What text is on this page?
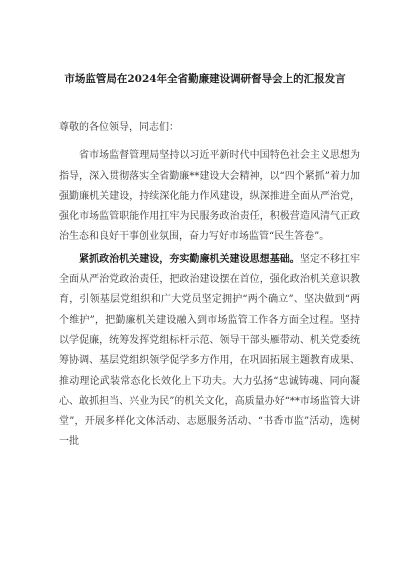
市场监管局在2024年全省勤廉建设调研督导会上的汇报发言

尊敬的各位领导，同志们：

省市场监督管理局坚持以习近平新时代中国特色社会主义思想为指导，深入贯彻落实全省勤廉**建设大会精神，以“四个紧抓”着力加强勤廉机关建设，持续深化能力作风建设，纵深推进全面从严治党，强化市场监管职能作用扛牢为民服务政治责任，积极营造风清气正政治生态和良好干事创业氛围，奋力写好市场监管“民生答卷”。

紧抓政治机关建设，夯实勤廉机关建设思想基础。坚定不移扛牢全面从严治党政治责任，把政治建设摆在首位，强化政治机关意识教育，引领基层党组织和广大党员坚定拥护“两个确立”、坚决做到“两个维护”，把勤廉机关建设融入到市场监管工作各方面全过程。坚持以学促廉，统筹发挥党组标杆示范、领导干部头雁带动、机关党委统筹协调、基层党组织领学促学多方作用，在巩固拓展主题教育成果、推动理论武装常态化长效化上下功夫。大力弘扬“忠诚铸魂、同向凝心、敢抓担当、兴业为民”的机关文化，高质量办好“**市场监管大讲堂”，开展多样化文体活动、志愿服务活动、“书香市监”活动，选树一批
